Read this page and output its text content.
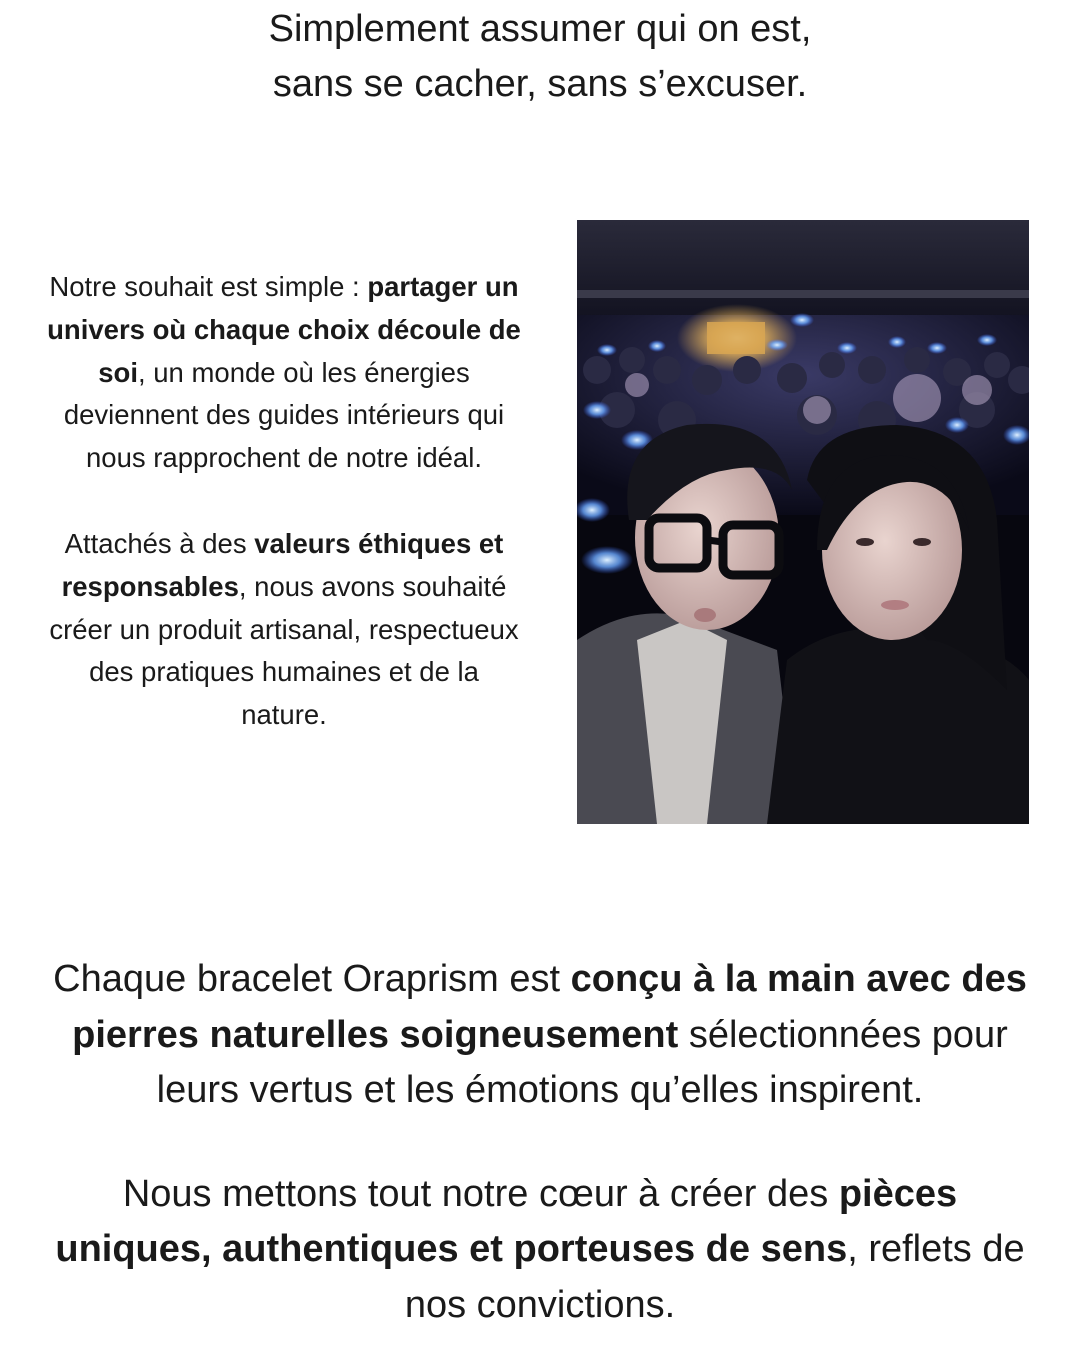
Simplement assumer qui on est,
sans se cacher, sans s’excuser.

Notre souhait est simple : partager un univers où chaque choix découle de soi, un monde où les énergies deviennent des guides intérieurs qui nous rapprochent de notre idéal.

Attachés à des valeurs éthiques et responsables, nous avons souhaité créer un produit artisanal, respectueux des pratiques humaines et de la nature.

Chaque bracelet Oraprism est conçu à la main avec des pierres naturelles soigneusement sélectionnées pour leurs vertus et les émotions qu’elles inspirent.

Nous mettons tout notre cœur à créer des pièces uniques, authentiques et porteuses de sens, reflets de nos convictions.
